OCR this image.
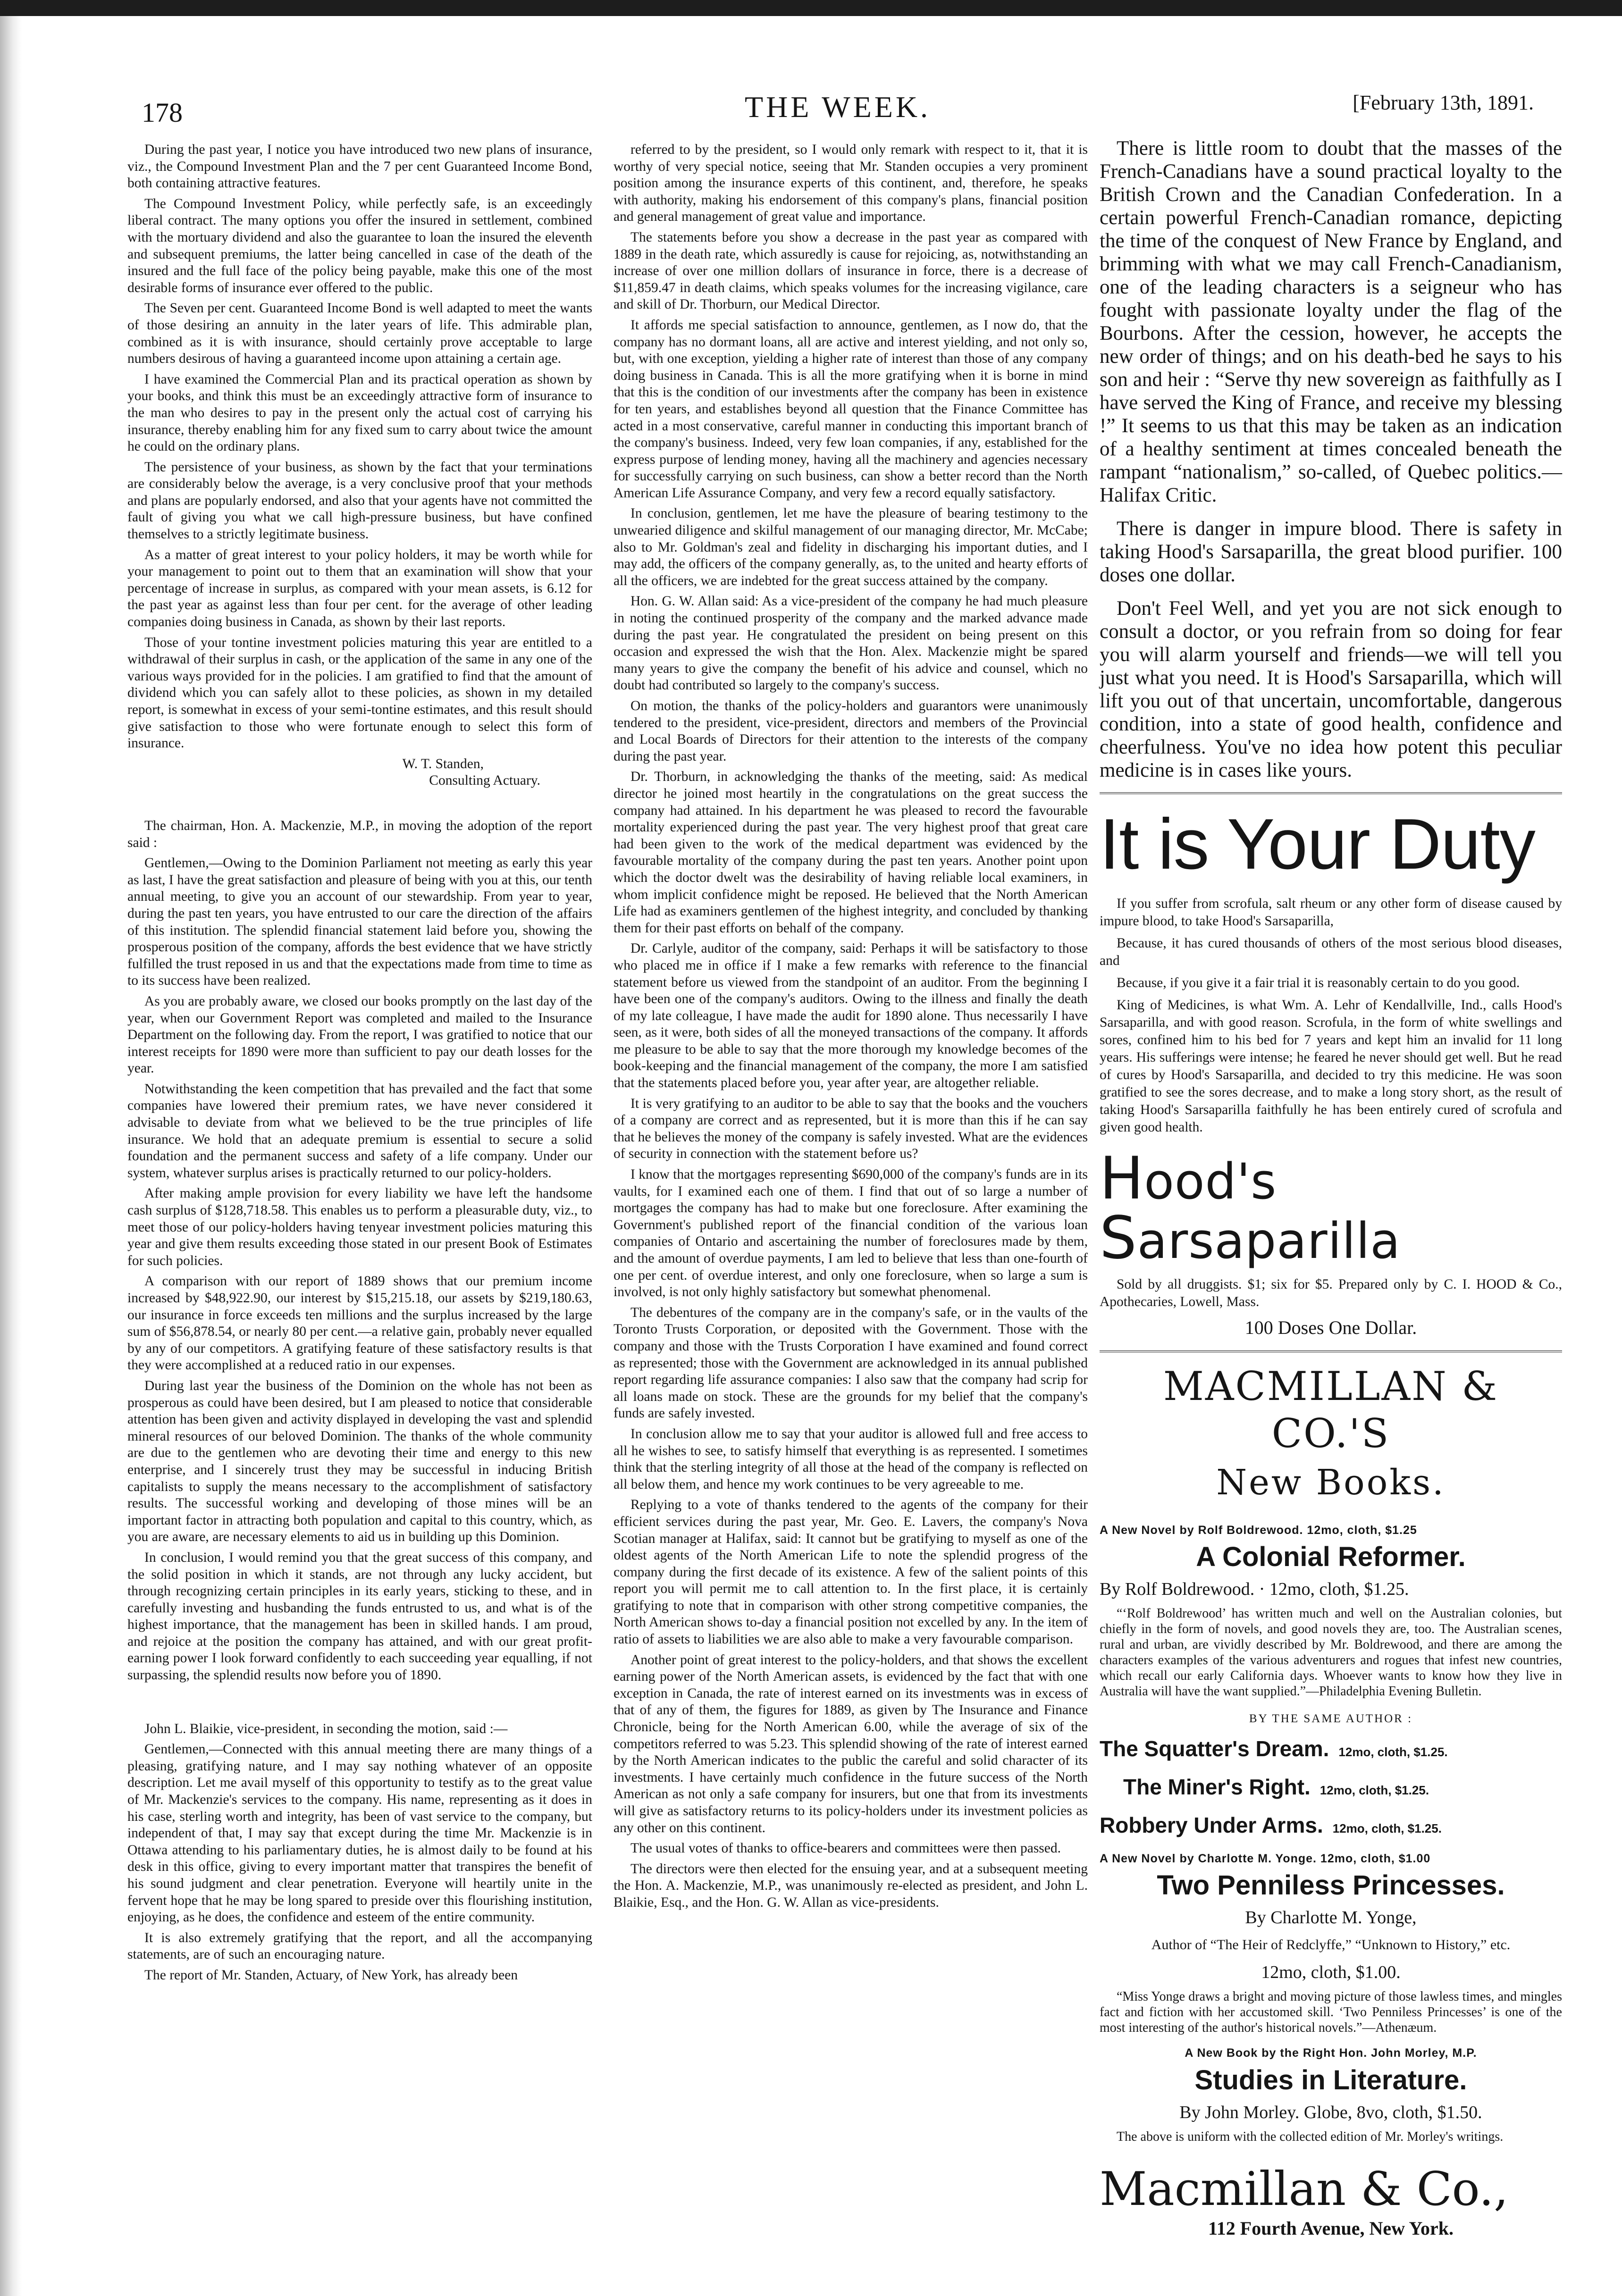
178	THE WEEK.	[February 13th, 1891.

During the past year, I notice you have introduced two new plans of insurance, viz., the Compound Investment Plan and the 7 per cent Guaranteed Income Bond, both containing attractive features.

The Compound Investment Policy, while perfectly safe, is an exceedingly liberal contract. The many options you offer the insured in settlement, combined with the mortuary dividend and also the guarantee to loan the insured the eleventh and subsequent premiums, the latter being cancelled in case of the death of the insured and the full face of the policy being payable, make this one of the most desirable forms of insurance ever offered to the public.

The Seven per cent. Guaranteed Income Bond is well adapted to meet the wants of those desiring an annuity in the later years of life. This admirable plan, combined as it is with insurance, should certainly prove acceptable to large numbers desirous of having a guaranteed income upon attaining a certain age.

I have examined the Commercial Plan and its practical operation as shown by your books, and think this must be an exceedingly attractive form of insurance to the man who desires to pay in the present only the actual cost of carrying his insurance, thereby enabling him for any fixed sum to carry about twice the amount he could on the ordinary plans.

The persistence of your business, as shown by the fact that your terminations are considerably below the average, is a very conclusive proof that your methods and plans are popularly endorsed, and also that your agents have not committed the fault of giving you what we call high-pressure business, but have confined themselves to a strictly legitimate business.

As a matter of great interest to your policy holders, it may be worth while for your management to point out to them that an examination will show that your percentage of increase in surplus, as compared with your mean assets, is 6.12 for the past year as against less than four per cent. for the average of other leading companies doing business in Canada, as shown by their last reports.

Those of your tontine investment policies maturing this year are entitled to a withdrawal of their surplus in cash, or the application of the same in any one of the various ways provided for in the policies. I am gratified to find that the amount of dividend which you can safely allot to these policies, as shown in my detailed report, is somewhat in excess of your semi-tontine estimates, and this result should give satisfaction to those who were fortunate enough to select this form of insurance.

W. T. Standen,

Consulting Actuary.

The chairman, Hon. A. Mackenzie, M.P., in moving the adoption of the report said :

Gentlemen,—Owing to the Dominion Parliament not meeting as early this year as last, I have the great satisfaction and pleasure of being with you at this, our tenth annual meeting, to give you an account of our stewardship. From year to year, during the past ten years, you have entrusted to our care the direction of the affairs of this institution. The splendid financial statement laid before you, showing the prosperous position of the company, affords the best evidence that we have strictly fulfilled the trust reposed in us and that the expectations made from time to time as to its success have been realized.

As you are probably aware, we closed our books promptly on the last day of the year, when our Government Report was completed and mailed to the Insurance Department on the following day. From the report, I was gratified to notice that our interest receipts for 1890 were more than sufficient to pay our death losses for the year.

Notwithstanding the keen competition that has prevailed and the fact that some companies have lowered their premium rates, we have never considered it advisable to deviate from what we believed to be the true principles of life insurance. We hold that an adequate premium is essential to secure a solid foundation and the permanent success and safety of a life company. Under our system, whatever surplus arises is practically returned to our policy-holders.

After making ample provision for every liability we have left the handsome cash surplus of $128,718.58. This enables us to perform a pleasurable duty, viz., to meet those of our policy-holders having tenyear investment policies maturing this year and give them results exceeding those stated in our present Book of Estimates for such policies.

A comparison with our report of 1889 shows that our premium income increased by $48,922.90, our interest by $15,215.18, our assets by $219,180.63, our insurance in force exceeds ten millions and the surplus increased by the large sum of $56,878.54, or nearly 80 per cent.—a relative gain, probably never equalled by any of our competitors. A gratifying feature of these satisfactory results is that they were accomplished at a reduced ratio in our expenses.

During last year the business of the Dominion on the whole has not been as prosperous as could have been desired, but I am pleased to notice that considerable attention has been given and activity displayed in developing the vast and splendid mineral resources of our beloved Dominion. The thanks of the whole community are due to the gentlemen who are devoting their time and energy to this new enterprise, and I sincerely trust they may be successful in inducing British capitalists to supply the means necessary to the accomplishment of satisfactory results. The successful working and developing of those mines will be an important factor in attracting both population and capital to this country, which, as you are aware, are necessary elements to aid us in building up this Dominion.

In conclusion, I would remind you that the great success of this company, and the solid position in which it stands, are not through any lucky accident, but through recognizing certain principles in its early years, sticking to these, and in carefully investing and husbanding the funds entrusted to us, and what is of the highest importance, that the management has been in skilled hands. I am proud, and rejoice at the position the company has attained, and with our great profit-earning power I look forward confidently to each succeeding year equalling, if not surpassing, the splendid results now before you of 1890.

John L. Blaikie, vice-president, in seconding the motion, said :—

Gentlemen,—Connected with this annual meeting there are many things of a pleasing, gratifying nature, and I may say nothing whatever of an opposite description. Let me avail myself of this opportunity to testify as to the great value of Mr. Mackenzie's services to the company. His name, representing as it does in his case, sterling worth and integrity, has been of vast service to the company, but independent of that, I may say that except during the time Mr. Mackenzie is in Ottawa attending to his parliamentary duties, he is almost daily to be found at his desk in this office, giving to every important matter that transpires the benefit of his sound judgment and clear penetration. Everyone will heartily unite in the fervent hope that he may be long spared to preside over this flourishing institution, enjoying, as he does, the confidence and esteem of the entire community.

It is also extremely gratifying that the report, and all the accompanying statements, are of such an encouraging nature.

The report of Mr. Standen, Actuary, of New York, has already been

referred to by the president, so I would only remark with respect to it, that it is worthy of very special notice, seeing that Mr. Standen occupies a very prominent position among the insurance experts of this continent, and, therefore, he speaks with authority, making his endorsement of this company's plans, financial position and general management of great value and importance.

The statements before you show a decrease in the past year as compared with 1889 in the death rate, which assuredly is cause for rejoicing, as, notwithstanding an increase of over one million dollars of insurance in force, there is a decrease of $11,859.47 in death claims, which speaks volumes for the increasing vigilance, care and skill of Dr. Thorburn, our Medical Director.

It affords me special satisfaction to announce, gentlemen, as I now do, that the company has no dormant loans, all are active and interest yielding, and not only so, but, with one exception, yielding a higher rate of interest than those of any company doing business in Canada. This is all the more gratifying when it is borne in mind that this is the condition of our investments after the company has been in existence for ten years, and establishes beyond all question that the Finance Committee has acted in a most conservative, careful manner in conducting this important branch of the company's business. Indeed, very few loan companies, if any, established for the express purpose of lending money, having all the machinery and agencies necessary for successfully carrying on such business, can show a better record than the North American Life Assurance Company, and very few a record equally satisfactory.

In conclusion, gentlemen, let me have the pleasure of bearing testimony to the unwearied diligence and skilful management of our managing director, Mr. McCabe; also to Mr. Goldman's zeal and fidelity in discharging his important duties, and I may add, the officers of the company generally, as, to the united and hearty efforts of all the officers, we are indebted for the great success attained by the company.

Hon. G. W. Allan said: As a vice-president of the company he had much pleasure in noting the continued prosperity of the company and the marked advance made during the past year. He congratulated the president on being present on this occasion and expressed the wish that the Hon. Alex. Mackenzie might be spared many years to give the company the benefit of his advice and counsel, which no doubt had contributed so largely to the company's success.

On motion, the thanks of the policy-holders and guarantors were unanimously tendered to the president, vice-president, directors and members of the Provincial and Local Boards of Directors for their attention to the interests of the company during the past year.

Dr. Thorburn, in acknowledging the thanks of the meeting, said: As medical director he joined most heartily in the congratulations on the great success the company had attained. In his department he was pleased to record the favourable mortality experienced during the past year. The very highest proof that great care had been given to the work of the medical department was evidenced by the favourable mortality of the company during the past ten years. Another point upon which the doctor dwelt was the desirability of having reliable local examiners, in whom implicit confidence might be reposed. He believed that the North American Life had as examiners gentlemen of the highest integrity, and concluded by thanking them for their past efforts on behalf of the company.

Dr. Carlyle, auditor of the company, said: Perhaps it will be satisfactory to those who placed me in office if I make a few remarks with reference to the financial statement before us viewed from the standpoint of an auditor. From the beginning I have been one of the company's auditors. Owing to the illness and finally the death of my late colleague, I have made the audit for 1890 alone. Thus necessarily I have seen, as it were, both sides of all the moneyed transactions of the company. It affords me pleasure to be able to say that the more thorough my knowledge becomes of the book-keeping and the financial management of the company, the more I am satisfied that the statements placed before you, year after year, are altogether reliable.

It is very gratifying to an auditor to be able to say that the books and the vouchers of a company are correct and as represented, but it is more than this if he can say that he believes the money of the company is safely invested. What are the evidences of security in connection with the statement before us?

I know that the mortgages representing $690,000 of the company's funds are in its vaults, for I examined each one of them. I find that out of so large a number of mortgages the company has had to make but one foreclosure. After examining the Government's published report of the financial condition of the various loan companies of Ontario and ascertaining the number of foreclosures made by them, and the amount of overdue payments, I am led to believe that less than one-fourth of one per cent. of overdue interest, and only one foreclosure, when so large a sum is involved, is not only highly satisfactory but somewhat phenomenal.

The debentures of the company are in the company's safe, or in the vaults of the Toronto Trusts Corporation, or deposited with the Government. Those with the company and those with the Trusts Corporation I have examined and found correct as represented; those with the Government are acknowledged in its annual published report regarding life assurance companies: I also saw that the company had scrip for all loans made on stock. These are the grounds for my belief that the company's funds are safely invested.

In conclusion allow me to say that your auditor is allowed full and free access to all he wishes to see, to satisfy himself that everything is as represented. I sometimes think that the sterling integrity of all those at the head of the company is reflected on all below them, and hence my work continues to be very agreeable to me.

Replying to a vote of thanks tendered to the agents of the company for their efficient services during the past year, Mr. Geo. E. Lavers, the company's Nova Scotian manager at Halifax, said: It cannot but be gratifying to myself as one of the oldest agents of the North American Life to note the splendid progress of the company during the first decade of its existence. A few of the salient points of this report you will permit me to call attention to. In the first place, it is certainly gratifying to note that in comparison with other strong competitive companies, the North American shows to-day a financial position not excelled by any. In the item of ratio of assets to liabilities we are also able to make a very favourable comparison.

Another point of great interest to the policy-holders, and that shows the excellent earning power of the North American assets, is evidenced by the fact that with one exception in Canada, the rate of interest earned on its investments was in excess of that of any of them, the figures for 1889, as given by The Insurance and Finance Chronicle, being for the North American 6.00, while the average of six of the competitors referred to was 5.23. This splendid showing of the rate of interest earned by the North American indicates to the public the careful and solid character of its investments. I have certainly much confidence in the future success of the North American as not only a safe company for insurers, but one that from its investments will give as satisfactory returns to its policy-holders under its investment policies as any other on this continent.

The usual votes of thanks to office-bearers and committees were then passed.

The directors were then elected for the ensuing year, and at a subsequent meeting the Hon. A. Mackenzie, M.P., was unanimously re-elected as president, and John L. Blaikie, Esq., and the Hon. G. W. Allan as vice-presidents.

There is little room to doubt that the masses of the French-Canadians have a sound practical loyalty to the British Crown and the Canadian Confederation. In a certain powerful French-Canadian romance, depicting the time of the conquest of New France by England, and brimming with what we may call French-Canadianism, one of the leading characters is a seigneur who has fought with passionate loyalty under the flag of the Bourbons. After the cession, however, he accepts the new order of things; and on his death-bed he says to his son and heir : “Serve thy new sovereign as faithfully as I have served the King of France, and receive my blessing !” It seems to us that this may be taken as an indication of a healthy sentiment at times concealed beneath the rampant “nationalism,” so-called, of Quebec politics.—Halifax Critic.

There is danger in impure blood. There is safety in taking Hood's Sarsaparilla, the great blood purifier. 100 doses one dollar.

Don't Feel Well, and yet you are not sick enough to consult a doctor, or you refrain from so doing for fear you will alarm yourself and friends—we will tell you just what you need. It is Hood's Sarsaparilla, which will lift you out of that uncertain, uncomfortable, dangerous condition, into a state of good health, confidence and cheerfulness. You've no idea how potent this peculiar medicine is in cases like yours.

It is Your Duty

If you suffer from scrofula, salt rheum or any other form of disease caused by impure blood, to take Hood's Sarsaparilla,

Because, it has cured thousands of others of the most serious blood diseases, and

Because, if you give it a fair trial it is reasonably certain to do you good.

King of Medicines, is what Wm. A. Lehr of Kendallville, Ind., calls Hood's Sarsaparilla, and with good reason. Scrofula, in the form of white swellings and sores, confined him to his bed for 7 years and kept him an invalid for 11 long years. His sufferings were intense; he feared he never should get well. But he read of cures by Hood's Sarsaparilla, and decided to try this medicine. He was soon gratified to see the sores decrease, and to make a long story short, as the result of taking Hood's Sarsaparilla faithfully he has been entirely cured of scrofula and given good health.

Hood's Sarsaparilla

Sold by all druggists. $1; six for $5. Prepared only by C. I. HOOD & Co., Apothecaries, Lowell, Mass.

100 Doses One Dollar.
MACMILLAN & CO.'S
New Books.

A New Novel by Rolf Boldrewood. 12mo, cloth, $1.25

A Colonial Reformer.

By Rolf Boldrewood. · 12mo, cloth, $1.25.

“‘Rolf Boldrewood’ has written much and well on the Australian colonies, but chiefly in the form of novels, and good novels they are, too. The Australian scenes, rural and urban, are vividly described by Mr. Boldrewood, and there are among the characters examples of the various adventurers and rogues that infest new countries, which recall our early California days. Whoever wants to know how they live in Australia will have the want supplied.”—Philadelphia Evening Bulletin.

BY THE SAME AUTHOR :

The Squatter's Dream. 12mo, cloth, $1.25.

The Miner's Right. 12mo, cloth, $1.25.

Robbery Under Arms. 12mo, cloth, $1.25.

A New Novel by Charlotte M. Yonge. 12mo, cloth, $1.00

Two Penniless Princesses.

By Charlotte M. Yonge,

Author of “The Heir of Redclyffe,” “Unknown to History,” etc.

12mo, cloth, $1.00.

“Miss Yonge draws a bright and moving picture of those lawless times, and mingles fact and fiction with her accustomed skill. ‘Two Penniless Princesses’ is one of the most interesting of the author's historical novels.”—Athenæum.

A New Book by the Right Hon. John Morley, M.P.

Studies in Literature.

By John Morley. Globe, 8vo, cloth, $1.50.

The above is uniform with the collected edition of Mr. Morley's writings.

Macmillan & Co.,

112 Fourth Avenue, New York.
